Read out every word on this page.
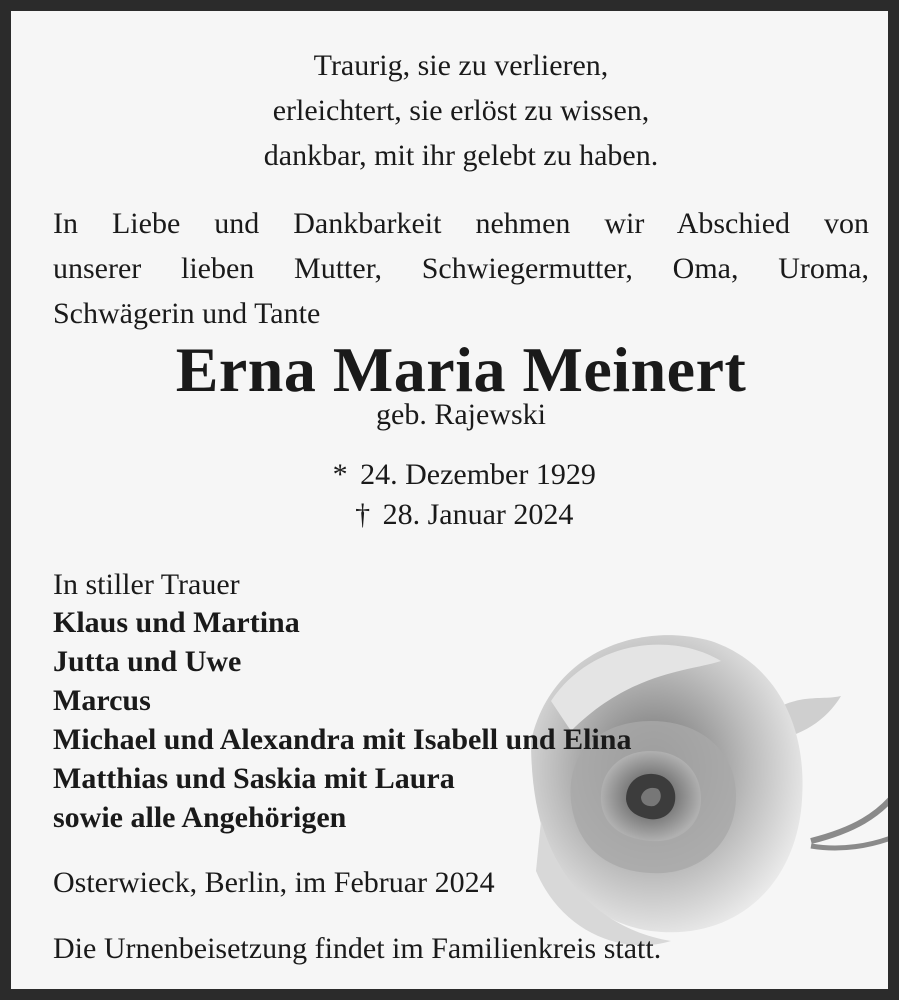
Traurig, sie zu verlieren,
erleichtert, sie erlöst zu wissen,
dankbar, mit ihr gelebt zu haben.
In Liebe und Dankbarkeit nehmen wir Abschied von
unserer lieben Mutter, Schwiegermutter, Oma, Uroma,
Schwägerin und Tante
Erna Maria Meinert
geb. Rajewski
* 24. Dezember 1929
† 28. Januar 2024
In stiller Trauer
Klaus und Martina
Jutta und Uwe
Marcus
Michael und Alexandra mit Isabell und Elina
Matthias und Saskia mit Laura
sowie alle Angehörigen
Osterwieck, Berlin, im Februar 2024
Die Urnenbeisetzung findet im Familienkreis statt.
